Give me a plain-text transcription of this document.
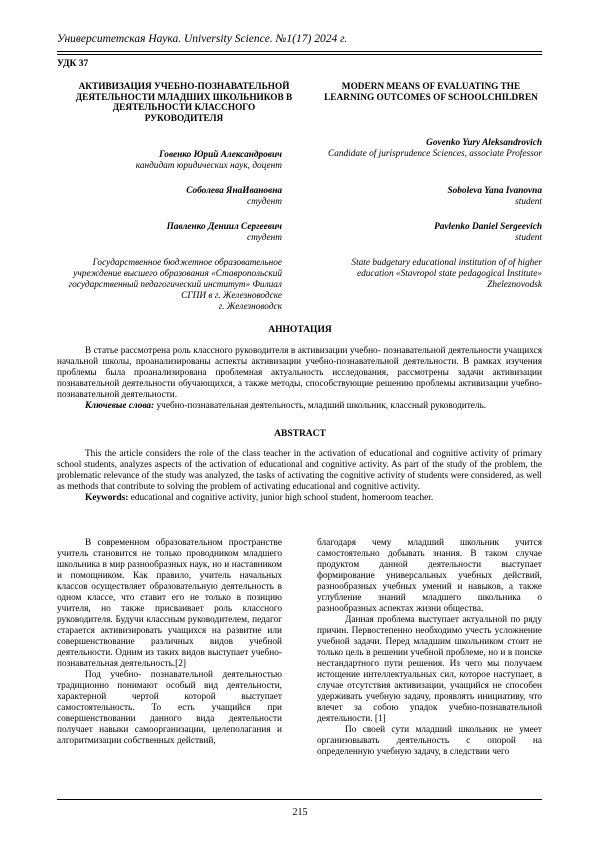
Университетская Наука. University Science. №1(17) 2024 г.
УДК 37
АКТИВИЗАЦИЯ УЧЕБНО-ПОЗНАВАТЕЛЬНОЙ ДЕЯТЕЛЬНОСТИ МЛАДШИХ ШКОЛЬНИКОВ В ДЕЯТЕЛЬНОСТИ КЛАССНОГО РУКОВОДИТЕЛЯ
MODERN MEANS OF EVALUATING THE LEARNING OUTCOMES OF SCHOOLCHILDREN
Говенко Юрий Александрович
кандидат юридических наук, доцент
Соболева ЯнаИвановна
студент
Павленко Дениил Сергеевич
студент
Govenko Yury Aleksandrovich
Candidate of jurisprudence Sciences, associate Professor
Soboleva Yana Ivanovna
student
Pavlenko Daniel Sergeevich
student
Государственное бюджетное образовательное учреждение высшего образования «Ставропольский государственный педагогический институт» Филиал СГПИ в г. Железноводске
г. Железноводск
State budgetary educational institution of of higher education «Stavropol state pedagogical Institute» Zheleznovodsk
АННОТАЦИЯ

В статье рассмотрена роль классного руководителя в активизации учебно- познавательной деятельности учащихся начальной школы, проанализированы аспекты активизации учебно-познавательной деятельности. В рамках изучения проблемы была проанализирована проблемная актуальность исследования, рассмотрены задачи активизации познавательной деятельности обучающихся, а также методы, способствующие решению проблемы активизации учебно- познавательной деятельности.

Ключевые слова: учебно-познавательная деятельность, младший школьник, классный руководитель.

ABSTRACT

This the article considers the role of the class teacher in the activation of educational and cognitive activity of primary school students, analyzes aspects of the activation of educational and cognitive activity. As part of the study of the problem, the problematic relevance of the study was analyzed, the tasks of activating the cognitive activity of students were considered, as well as methods that contribute to solving the problem of activating educational and cognitive activity.

Keywords: educational and cognitive activity, junior high school student, homeroom teacher.

В современном образовательном пространстве учитель становится не только проводником младшего школьника в мир разнообразных наук, но и наставником и помощником. Как правило, учитель начальных классов осуществляет образовательную деятельность в одном классе, что ставит его не только в позицию учителя, но также присваивает роль классного руководителя. Будучи классным руководителем, педагог старается активизировать учащихся на развитие или совершенствование различных видов учебной деятельности. Одним из таких видов выступает учебно-познавательная деятельность.[2]

Под учебно- познавательной деятельностью традиционно понимают особый вид деятельности, характерной чертой которой выступает самостоятельность. То есть учащийся при совершенствовании данного вида деятельности получает навыки самоорганизации, целеполагания и алгоритмизации собственных действий,

благодаря чему младший школьник учится самостоятельно добывать знания. В таком случае продуктом данной деятельности выступает формирование универсальных учебных действий, разнообразных учебных умений и навыков, а также углубление знаний младшего школьника о разнообразных аспектах жизни общества.

Данная проблема выступает актуальной по ряду причин. Первостепенно необходимо учесть усложнение учебной задачи. Перед младшим школьником стоит не только цель в решении учебной проблеме, но и в поиске нестандартного пути решения. Из чего мы получаем истощение интеллектуальных сил, которое наступает, в случае отсутствия активизации, учащийся не способен удерживать учебную задачу, проявлять инициативу, что влечет за собою упадок учебно-познавательной деятельности. [1]

По своей сути младший школьник не умеет организовывать деятельность с опорой на определенную учебную задачу, в следствии чего

215
